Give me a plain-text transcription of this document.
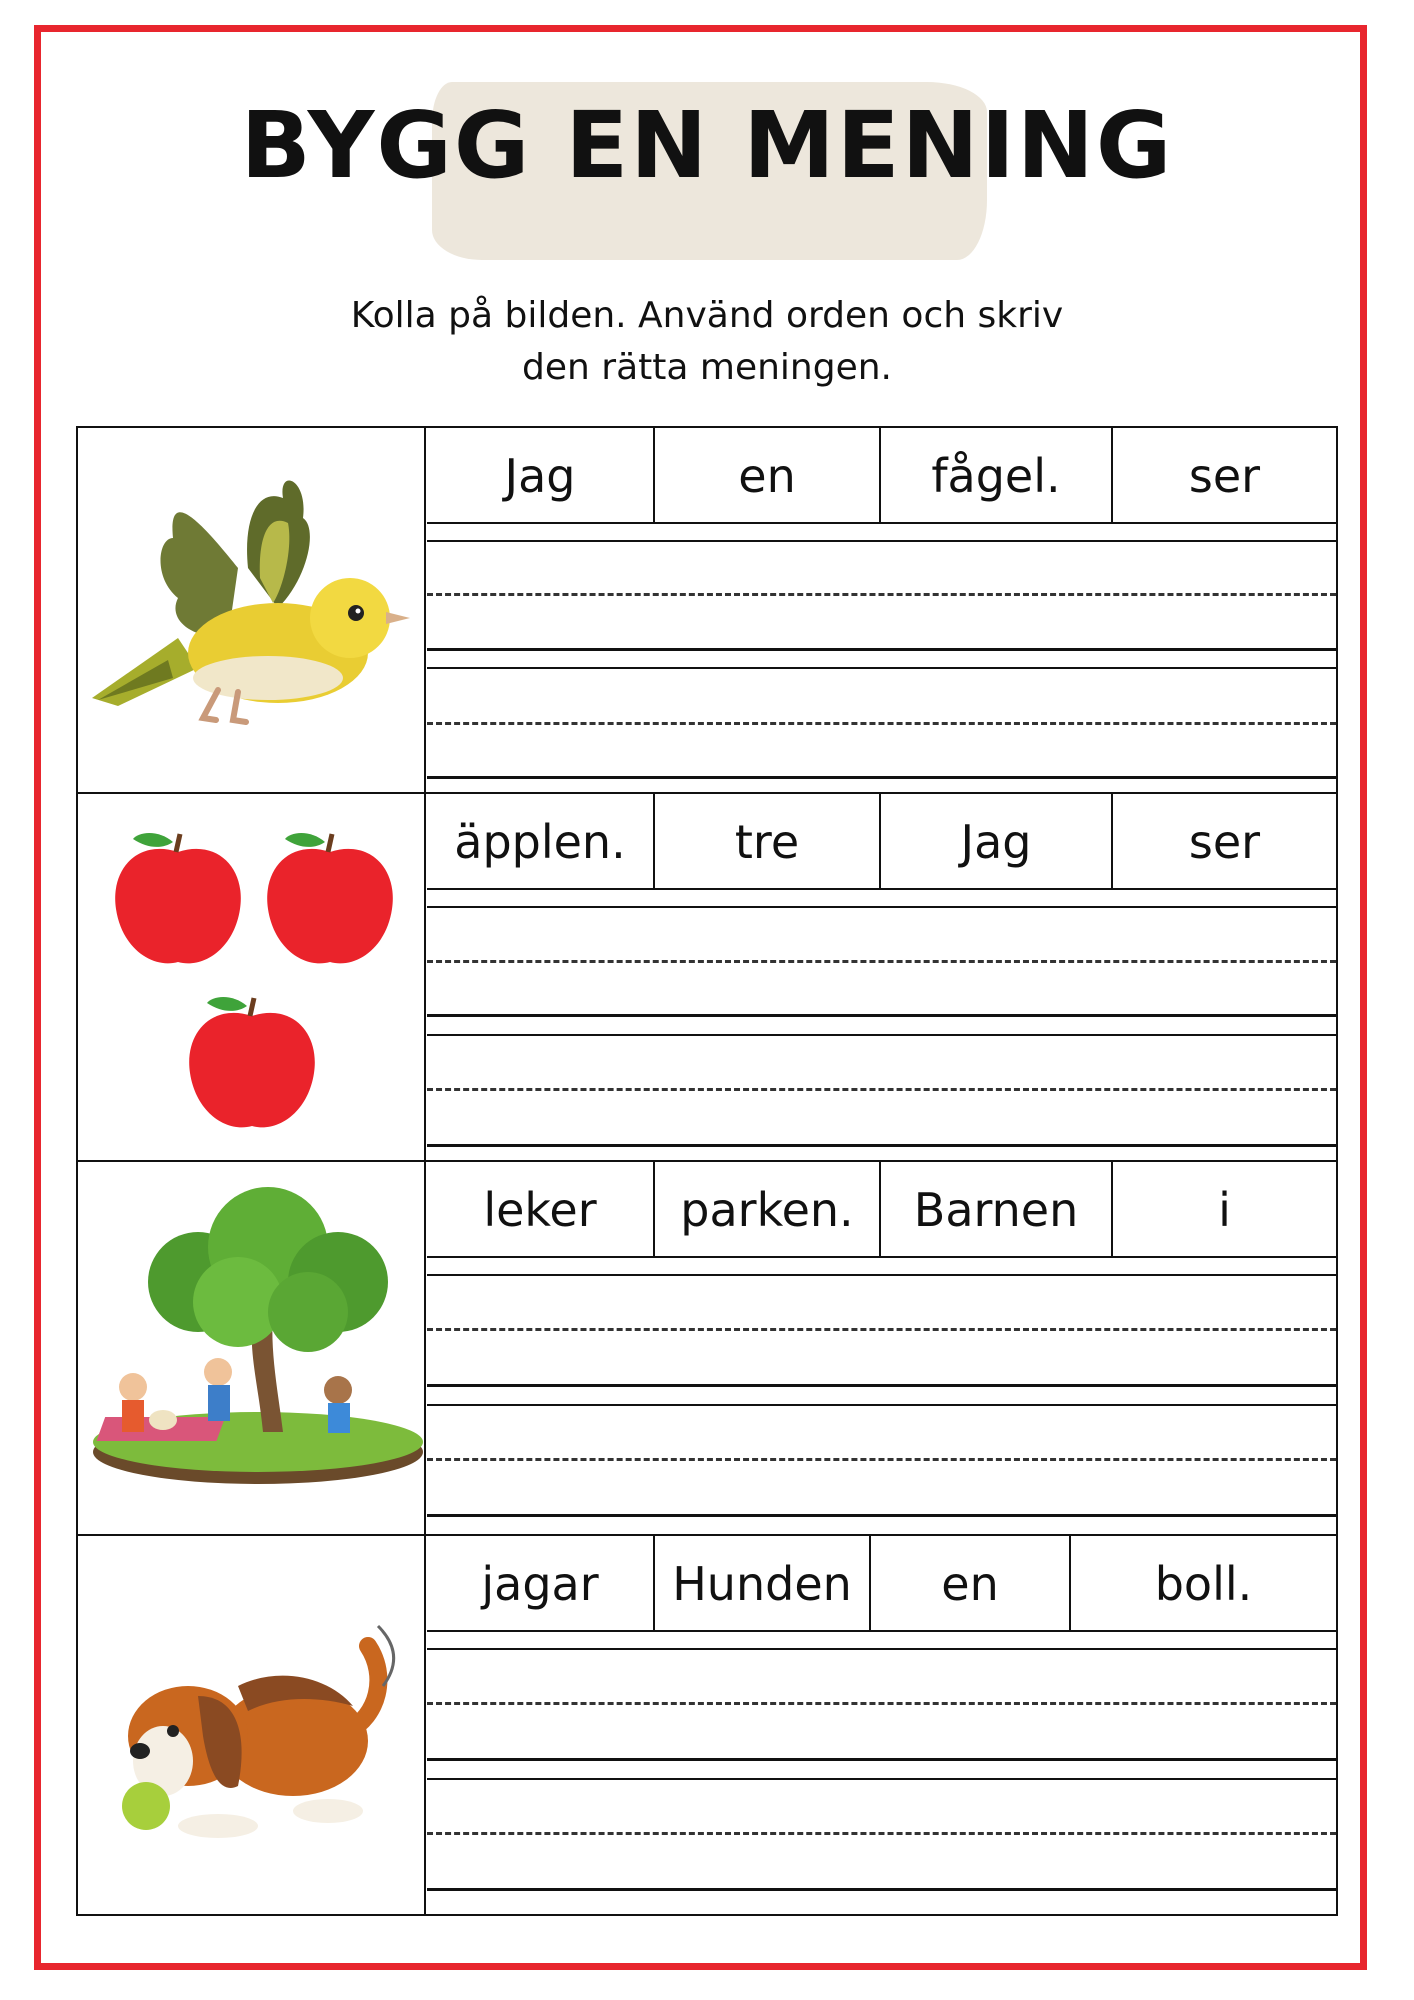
BYGG EN MENING
Kolla på bilden. Använd orden och skriv
den rätta meningen.
Jag	en	fågel.	ser
äpplen.	tre	Jag	ser
leker	parken.	Barnen	i
jagar	Hunden	en	boll.
